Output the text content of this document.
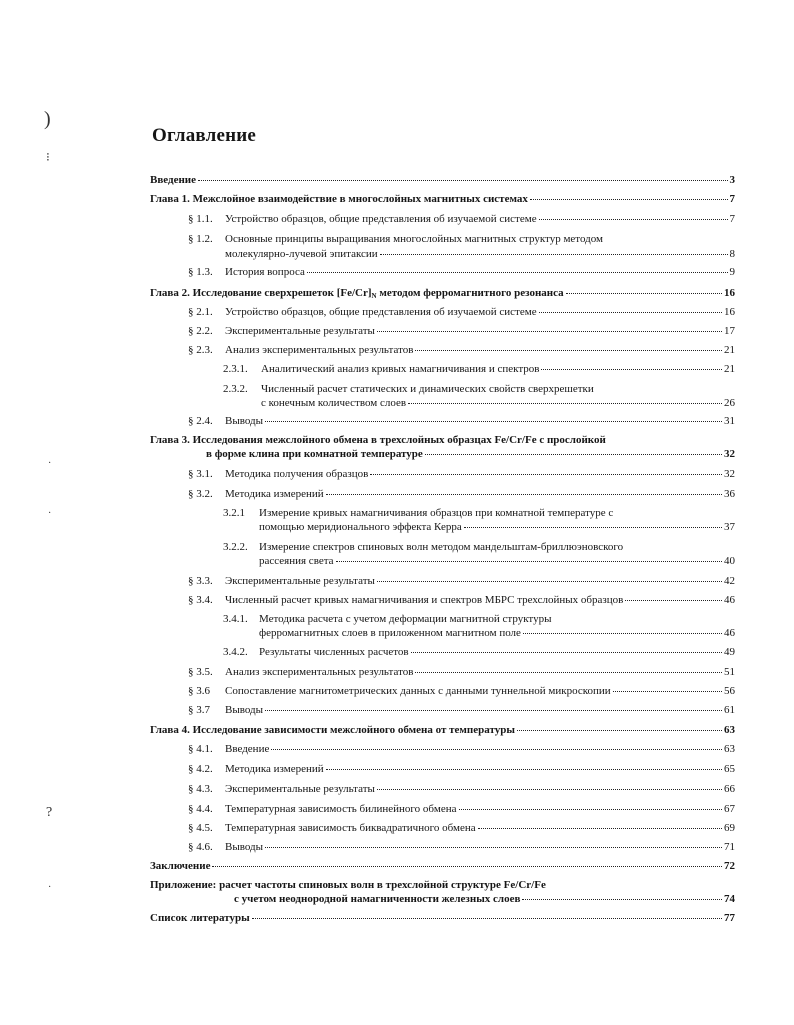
)
⁝
·
·
?
·
Оглавление
Введение	3
Глава 1. Межслойное взаимодействие в многослойных магнитных системах	7
§ 1.1.	Устройство образцов, общие представления об изучаемой системе	7
§ 1.2. Основные принципы выращивания многослойных магнитных структур методом
молекулярно-лучевой эпитаксии	8
§ 1.3.	История вопроса	9
Глава 2. Исследование сверхрешеток [Fe/Cr]N методом ферромагнитного резонанса	16
§ 2.1.	Устройство образцов, общие представления об изучаемой системе	16
§ 2.2.	Экспериментальные результаты	17
§ 2.3.	Анализ экспериментальных результатов	21
2.3.1.	Аналитический анализ кривых намагничивания и спектров	21
2.3.2. Численный расчет статических и динамических свойств сверхрешетки
с конечным количеством слоев	26
§ 2.4.	Выводы	31
Глава 3. Исследования межслойного обмена в трехслойных образцах Fe/Cr/Fe с прослойкой
в форме клина при комнатной температуре	32
§ 3.1.	Методика получения образцов	32
§ 3.2.	Методика измерений	36
3.2.1 Измерение кривых намагничивания образцов при комнатной температуре с
помощью меридионального эффекта Керра	37
3.2.2. Измерение спектров спиновых волн методом мандельштам-бриллюэновского
рассеяния света	40
§ 3.3.	Экспериментальные результаты	42
§ 3.4.	Численный расчет кривых намагничивания и спектров МБРС трехслойных образцов	46
3.4.1. Методика расчета с учетом деформации магнитной структуры
ферромагнитных слоев в приложенном магнитном поле	46
3.4.2.	Результаты численных расчетов	49
§ 3.5.	Анализ экспериментальных результатов	51
§ 3.6	Сопоставление магнитометрических данных с данными туннельной микроскопии	56
§ 3.7	Выводы	61
Глава 4. Исследование зависимости межслойного обмена от температуры	63
§ 4.1.	Введение	63
§ 4.2.	Методика измерений	65
§ 4.3.	Экспериментальные результаты	66
§ 4.4.	Температурная зависимость билинейного обмена	67
§ 4.5.	Температурная зависимость биквадратичного обмена	69
§ 4.6.	Выводы	71
Заключение	72
Приложение: расчет частоты спиновых волн в трехслойной структуре Fe/Cr/Fe
с учетом неоднородной намагниченности железных слоев	74
Список литературы	77
